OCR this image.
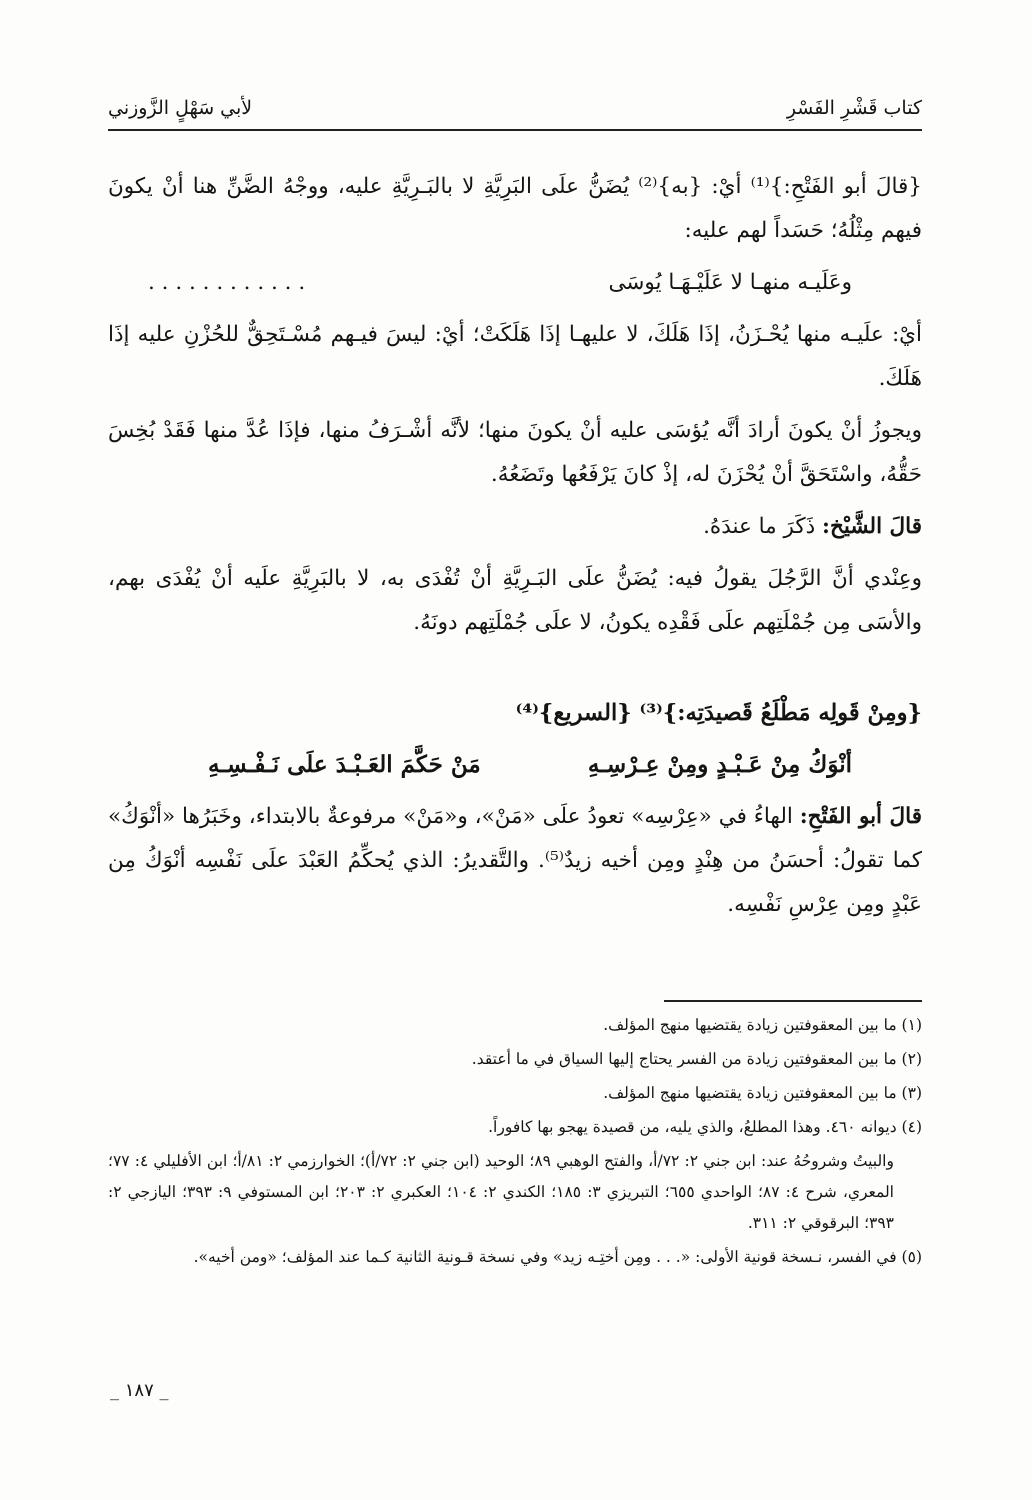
كتاب قَشْرِ الفَسْرِ
لأبي سَهْلٍ الزَّوزني

{قالَ أبو الفَتْحِ:}⁽¹⁾ أيْ: {به}⁽²⁾ يُضَنُّ علَى البَرِيَّةِ لا بالبَـرِيَّةِ عليه، ووجْهُ الضَّنِّ هنا أنْ يكونَ فيهم مِثْلُهُ؛ حَسَداً لهم عليه:

وعَلَيـه منهـا لا عَلَيْـهَـا يُوسَى
. . . . . . . . . . . .

أيْ: علَيـه منها يُحْـزَنُ، إذَا هَلَكَ، لا عليهـا إذَا هَلَكَتْ؛ أيْ: ليسَ فيـهم مُسْـتَحِقٌّ للحُزْنِ عليه إذَا هَلَكَ.

ويجوزُ أنْ يكونَ أرادَ أنَّه يُؤسَى عليه أنْ يكونَ منها؛ لأنَّه أشْـرَفُ منها، فإذَا عُدَّ منها فَقَدْ بُخِسَ حَقُّهُ، واسْتَحَقَّ أنْ يُحْزَنَ له، إذْ كانَ يَرْفَعُها وتَضَعُهُ.

قالَ الشَّيْخ: ذَكَرَ ما عندَهُ.

وعِنْدي أنَّ الرَّجُلَ يقولُ فيه: يُضَنُّ علَى البَـرِيَّةِ أنْ تُفْدَى به، لا بالبَرِيَّةِ علَيه أنْ يُفْدَى بهم، والأسَى مِن جُمْلَتِهم علَى فَقْدِه يكونُ، لا علَى جُمْلَتِهم دونَهُ.

{ومِنْ قَولِه مَطْلَعُ قَصيدَتِه:}⁽³⁾ {السريع}⁽⁴⁾

أنْوَكُ مِنْ عَـبْـدٍ ومِنْ عِـرْسِـهِ
مَنْ حَكَّمَ العَـبْـدَ علَى نَـفْـسِـهِ

قالَ أبو الفَتْحِ: الهاءُ في «عِرْسِه» تعودُ علَى «مَنْ»، و«مَنْ» مرفوعةٌ بالابتداء، وخَبَرُها «أنْوَكُ» كما تقولُ: أحسَنُ من هِنْدٍ ومِن أخيه زيدٌ⁽⁵⁾. والتَّقديرُ: الذي يُحكِّمُ العَبْدَ علَى نَفْسِه أنْوَكُ مِن عَبْدٍ ومِن عِرْسِ نَفْسِه.

(١) ما بين المعقوفتين زيادة يقتضيها منهج المؤلف.

(٢) ما بين المعقوفتين زيادة من الفسر يحتاج إليها السياق في ما أعتقد.

(٣) ما بين المعقوفتين زيادة يقتضيها منهج المؤلف.

(٤) ديوانه ٤٦٠. وهذا المطلعُ، والذي يليه، من قصيدة يهجو بها كافوراً.

والبيتُ وشروحُهُ عند: ابن جني ٢: ٧٢/أ، والفتح الوهبي ٨٩؛ الوحيد (ابن جني ٢: ٧٢/أ)؛ الخوارزمي ٢: ٨١/أ؛ ابن الأفليلي ٤: ٧٧؛ المعري، شرح ٤: ٨٧؛ الواحدي ٦٥٥؛ التبريزي ٣: ١٨٥؛ الكندي ٢: ١٠٤؛ العكبري ٢: ٢٠٣؛ ابن المستوفي ٩: ٣٩٣؛ اليازجي ٢: ٣٩٣؛ البرقوقي ٢: ٣١١.

(٥) في الفسر، نـسخة قونية الأولى: «. . . ومِن أختِـه زيد» وفي نسخة قـونية الثانية كـما عند المؤلف؛ «ومن أخيه».

_ ١٨٧ _
